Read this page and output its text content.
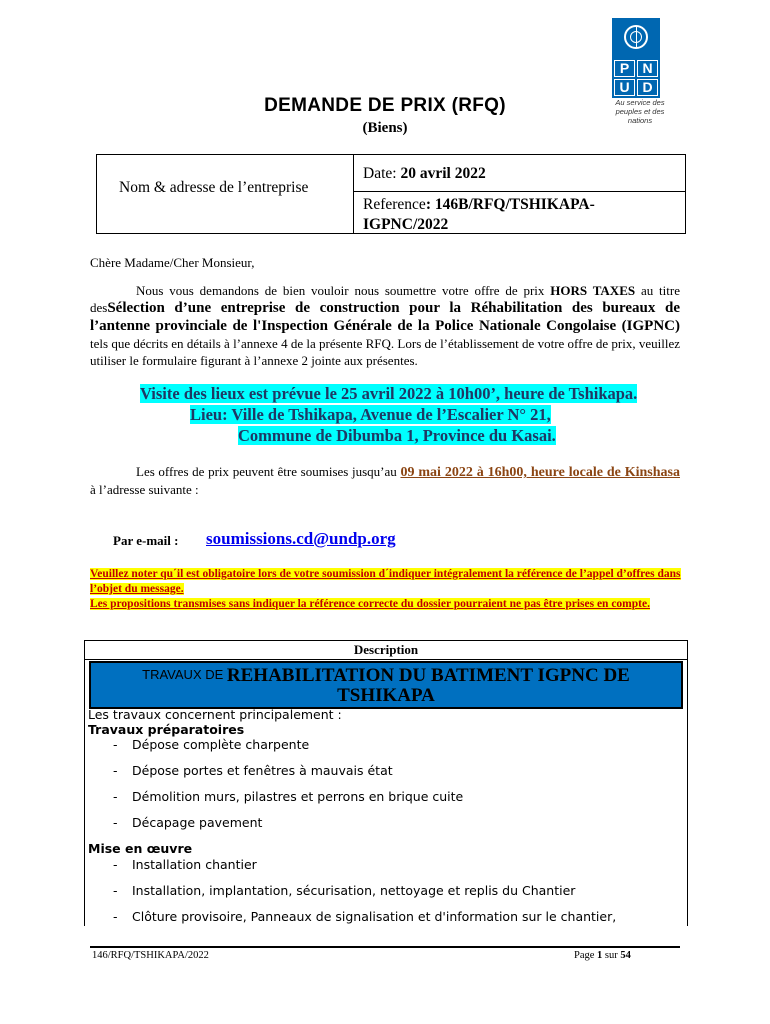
P N
U D
Au service des peuples et des nations
DEMANDE DE PRIX (RFQ)
(Biens)
Nom & adresse de l’entreprise
Date: 20 avril 2022
Reference: 146B/RFQ/TSHIKAPA-IGPNC/2022
Chère Madame/Cher Monsieur,
Nous vous demandons de bien vouloir nous soumettre votre offre de prix HORS TAXES au titre desSélection d’une entreprise de construction pour la Réhabilitation des bureaux de l’antenne provinciale de l'Inspection Générale de la Police Nationale Congolaise (IGPNC) tels que décrits en détails à l’annexe 4 de la présente RFQ. Lors de l’établissement de votre offre de prix, veuillez utiliser le formulaire figurant à l’annexe 2 jointe aux présentes.
Visite des lieux est prévue le 25 avril 2022 à 10h00’, heure de Tshikapa.
Lieu: Ville de Tshikapa, Avenue de l’Escalier N° 21,
Commune de Dibumba 1, Province du Kasai.
Les offres de prix peuvent être soumises jusqu’au 09 mai 2022 à 16h00, heure locale de Kinshasa à l’adresse suivante :
Par e-mail : soumissions.cd@undp.org
Veuillez noter qu´il est obligatoire lors de votre soumission d´indiquer intégralement la référence de l’appel d’offres dans l’objet du message.
Les propositions transmises sans indiquer la référence correcte du dossier pourraient ne pas être prises en compte.
Description
TRAVAUX DE REHABILITATION DU BATIMENT IGPNC DE
TSHIKAPA
Les travaux concernent principalement :
Travaux préparatoires
- Dépose complète charpente
- Dépose portes et fenêtres à mauvais état
- Démolition murs, pilastres et perrons en brique cuite
- Décapage pavement
Mise en œuvre
- Installation chantier
- Installation, implantation, sécurisation, nettoyage et replis du Chantier
- Clôture provisoire, Panneaux de signalisation et d'information sur le chantier,
146/RFQ/TSHIKAPA/2022	Page 1 sur 54
